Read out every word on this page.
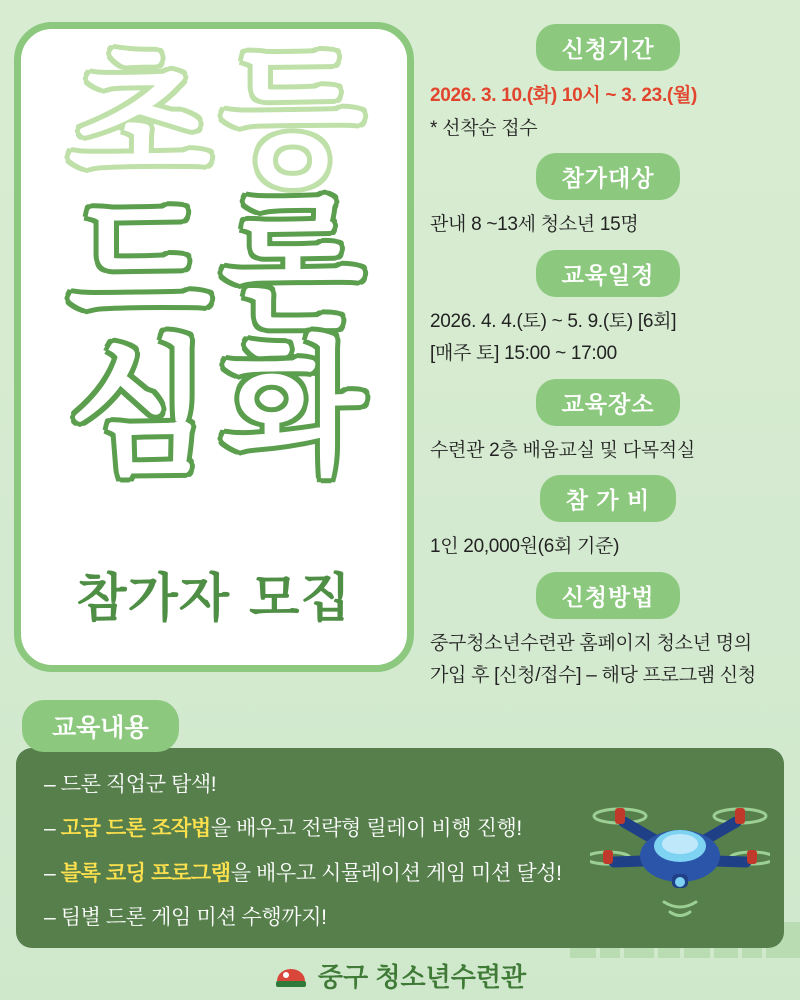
초 등
드 론
심 화
참가자 모집
신청기간
2026. 3. 10.(화) 10시 ~ 3. 23.(월)
* 선착순 접수
참가대상
관내 8 ~13세 청소년 15명
교육일정
2026. 4. 4.(토) ~ 5. 9.(토) [6회]
[매주 토] 15:00 ~ 17:00
교육장소
수련관 2층 배움교실 및 다목적실
참 가 비
1인 20,000원(6회 기준)
신청방법
중구청소년수련관 홈페이지 청소년 명의
가입 후 [신청/접수] – 해당 프로그램 신청
교육내용
– 드론 직업군 탐색!
– 고급 드론 조작법을 배우고 전략형 릴레이 비행 진행!
– 블록 코딩 프로그램을 배우고 시뮬레이션 게임 미션 달성!
– 팀별 드론 게임 미션 수행까지!
중구 청소년수련관
